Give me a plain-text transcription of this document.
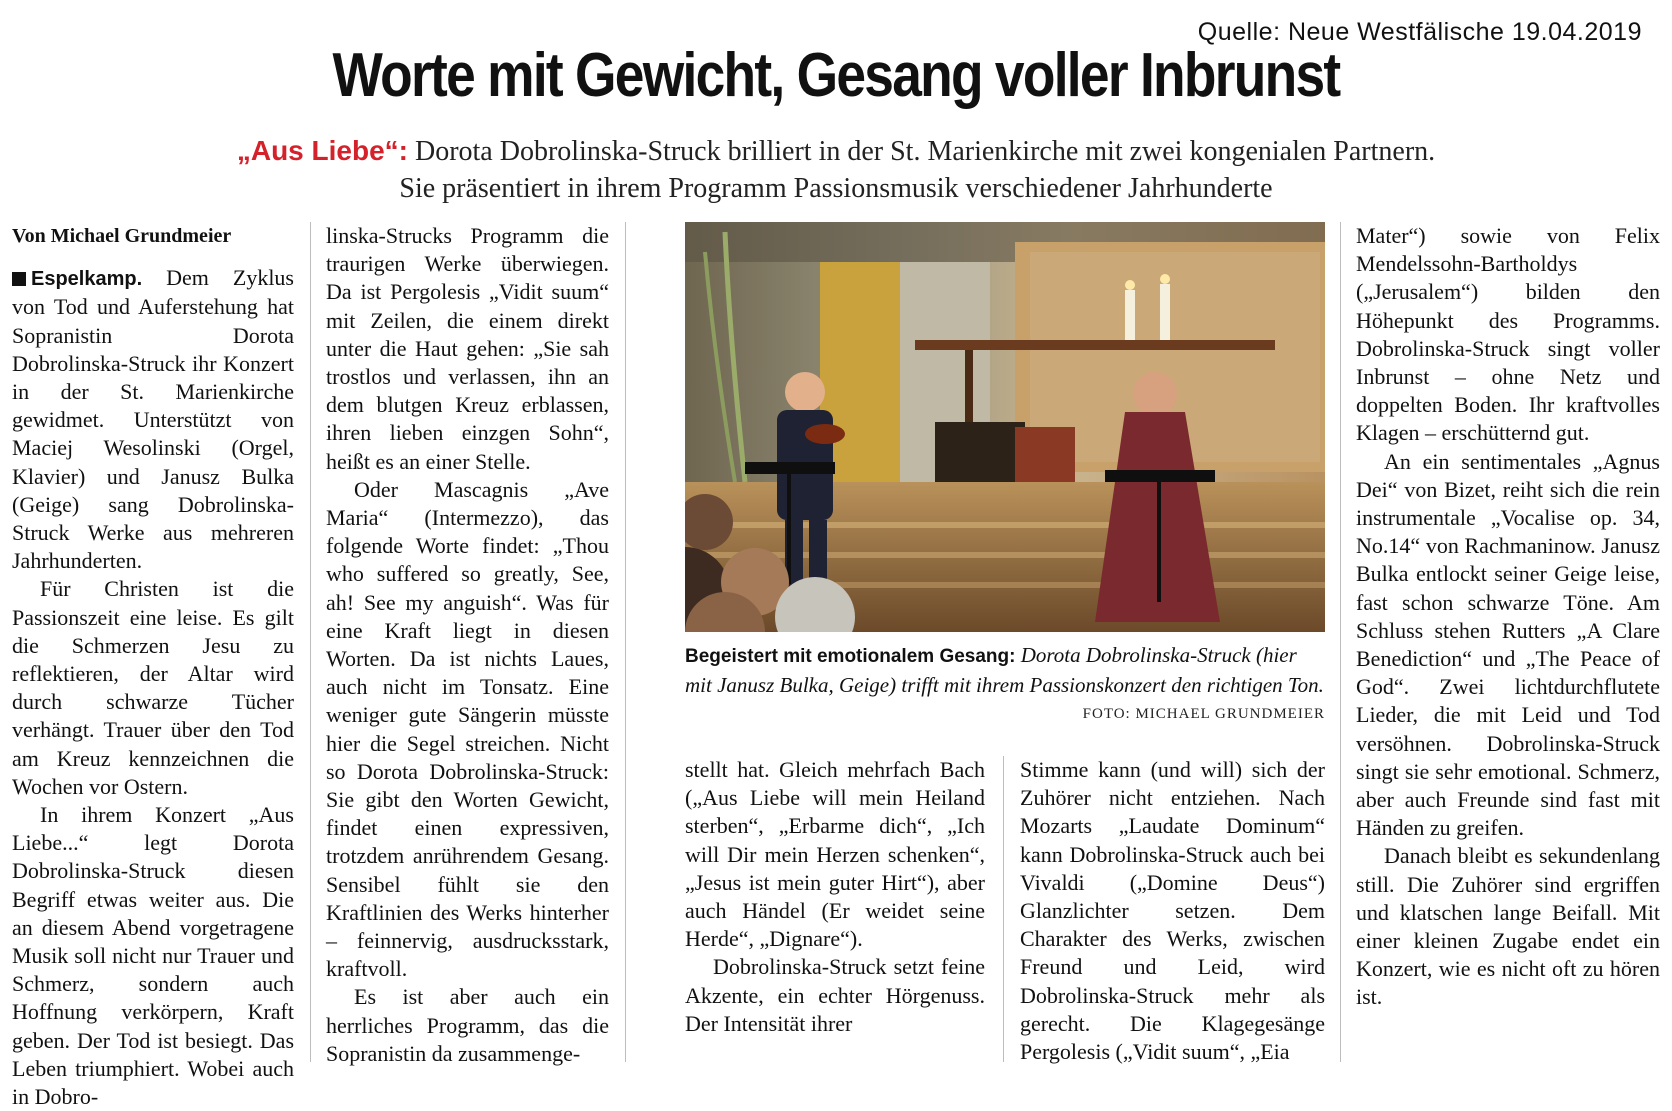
Quelle: Neue Westfälische 19.04.2019
Worte mit Gewicht, Gesang voller Inbrunst
„Aus Liebe“: Dorota Dobrolinska-Struck brilliert in der St. Marienkirche mit zwei kongenialen Partnern.
Sie präsentiert in ihrem Programm Passionsmusik verschiedener Jahrhunderte

Von Michael Grundmeier

Espelkamp. Dem Zyklus von Tod und Auferstehung hat Sopranistin Dorota Dobrolinska-Struck ihr Konzert in der St. Marienkirche gewidmet. Unterstützt von Maciej Wesolinski (Orgel, Klavier) und Janusz Bulka (Geige) sang Dobrolinska-Struck Werke aus mehreren Jahrhunderten.

Für Christen ist die Passionszeit eine leise. Es gilt die Schmerzen Jesu zu reflektieren, der Altar wird durch schwarze Tücher verhängt. Trauer über den Tod am Kreuz kennzeichnen die Wochen vor Ostern.

In ihrem Konzert „Aus Liebe...“ legt Dorota Dobrolinska-Struck diesen Begriff etwas weiter aus. Die an diesem Abend vorgetragene Musik soll nicht nur Trauer und Schmerz, sondern auch Hoffnung verkörpern, Kraft geben. Der Tod ist besiegt. Das Leben triumphiert. Wobei auch in Dobro-

linska-Strucks Programm die traurigen Werke überwiegen. Da ist Pergolesis „Vidit suum“ mit Zeilen, die einem direkt unter die Haut gehen: „Sie sah trostlos und verlassen, ihn an dem blutgen Kreuz erblassen, ihren lieben einzgen Sohn“, heißt es an einer Stelle.

Oder Mascagnis „Ave Maria“ (Intermezzo), das folgende Worte findet: „Thou who suffered so greatly, See, ah! See my anguish“. Was für eine Kraft liegt in diesen Worten. Da ist nichts Laues, auch nicht im Tonsatz. Eine weniger gute Sängerin müsste hier die Segel streichen. Nicht so Dorota Dobrolinska-Struck: Sie gibt den Worten Gewicht, findet einen expressiven, trotzdem anrührendem Gesang. Sensibel fühlt sie den Kraftlinien des Werks hinterher – feinnervig, ausdrucksstark, kraftvoll.

Es ist aber auch ein herrliches Programm, das die Sopranistin da zusammenge-

Begeistert mit emotionalem Gesang: Dorota Dobrolinska-Struck (hier mit Janusz Bulka, Geige) trifft mit ihrem Passionskonzert den richtigen Ton.
FOTO: MICHAEL GRUNDMEIER

stellt hat. Gleich mehrfach Bach („Aus Liebe will mein Heiland sterben“, „Erbarme dich“, „Ich will Dir mein Herzen schenken“, „Jesus ist mein guter Hirt“), aber auch Händel (Er weidet seine Herde“, „Dignare“).

Dobrolinska-Struck setzt feine Akzente, ein echter Hörgenuss. Der Intensität ihrer

Stimme kann (und will) sich der Zuhörer nicht entziehen. Nach Mozarts „Laudate Dominum“ kann Dobrolinska-Struck auch bei Vivaldi („Domine Deus“) Glanzlichter setzen. Dem Charakter des Werks, zwischen Freund und Leid, wird Dobrolinska-Struck mehr als gerecht. Die Klagegesänge Pergolesis („Vidit suum“, „Eia

Mater“) sowie von Felix Mendelssohn-Bartholdys („Jerusalem“) bilden den Höhepunkt des Programms. Dobrolinska-Struck singt voller Inbrunst – ohne Netz und doppelten Boden. Ihr kraftvolles Klagen – erschütternd gut.

An ein sentimentales „Agnus Dei“ von Bizet, reiht sich die rein instrumentale „Vocalise op. 34, No.14“ von Rachmaninow. Janusz Bulka entlockt seiner Geige leise, fast schon schwarze Töne. Am Schluss stehen Rutters „A Clare Benediction“ und „The Peace of God“. Zwei lichtdurchflutete Lieder, die mit Leid und Tod versöhnen. Dobrolinska-Struck singt sie sehr emotional. Schmerz, aber auch Freunde sind fast mit Händen zu greifen.

Danach bleibt es sekundenlang still. Die Zuhörer sind ergriffen und klatschen lange Beifall. Mit einer kleinen Zugabe endet ein Konzert, wie es nicht oft zu hören ist.
